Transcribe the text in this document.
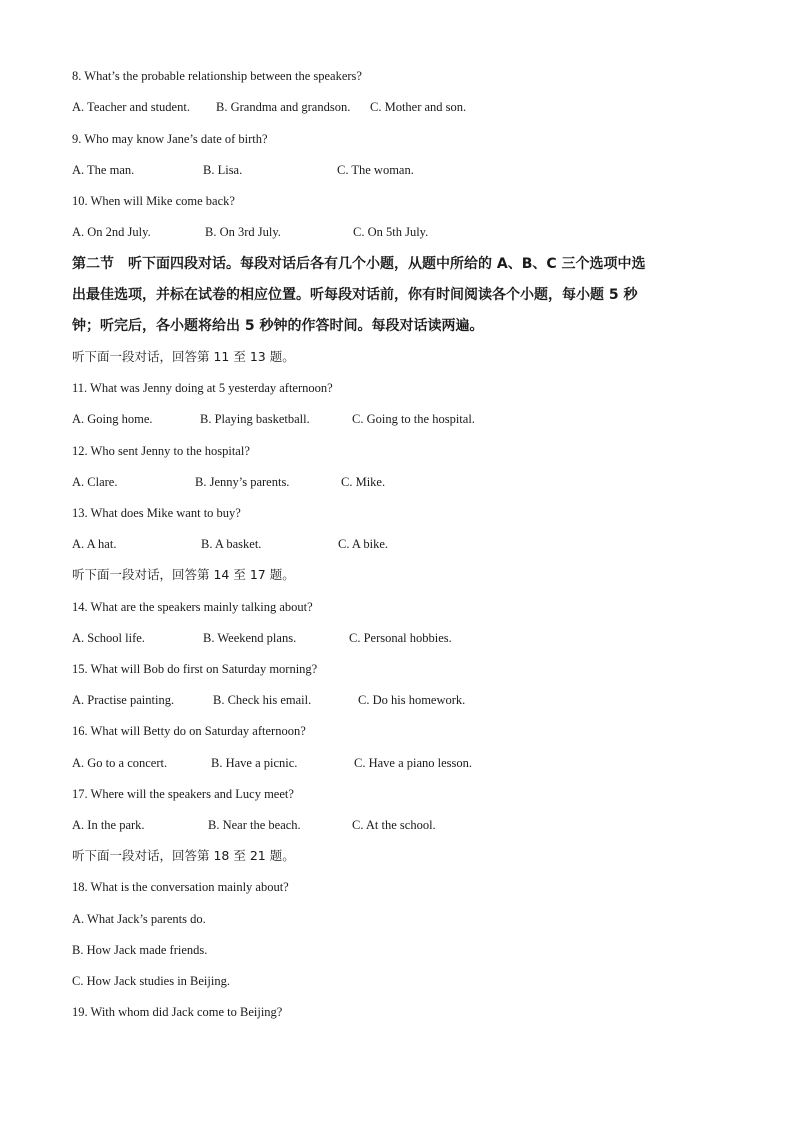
8. What’s the probable relationship between the speakers?
A. Teacher and student. B. Grandma and grandson. C. Mother and son.
9. Who may know Jane’s date of birth?
A. The man.	B. Lisa.	C. The woman.
10. When will Mike come back?
A. On 2nd July.	B. On 3rd July.	C. On 5th July.
第二节　听下面四段对话。每段对话后各有几个小题，从题中所给的 A、B、C 三个选项中选
出最佳选项，并标在试卷的相应位置。听每段对话前，你有时间阅读各个小题，每小题 5 秒
钟；听完后，各小题将给出 5 秒钟的作答时间。每段对话读两遍。
听下面一段对话，回答第 11 至 13 题。
11. What was Jenny doing at 5 yesterday afternoon?
A. Going home.	B. Playing basketball.	C. Going to the hospital.
12. Who sent Jenny to the hospital?
A. Clare.	B. Jenny’s parents.	C. Mike.
13. What does Mike want to buy?
A. A hat.	B. A basket.	C. A bike.
听下面一段对话，回答第 14 至 17 题。
14. What are the speakers mainly talking about?
A. School life.	B. Weekend plans.	C. Personal hobbies.
15. What will Bob do first on Saturday morning?
A. Practise painting.	B. Check his email.	C. Do his homework.
16. What will Betty do on Saturday afternoon?
A. Go to a concert.	B. Have a picnic.	C. Have a piano lesson.
17. Where will the speakers and Lucy meet?
A. In the park.	B. Near the beach.	C. At the school.
听下面一段对话，回答第 18 至 21 题。
18. What is the conversation mainly about?
A. What Jack’s parents do.
B. How Jack made friends.
C. How Jack studies in Beijing.
19. With whom did Jack come to Beijing?
